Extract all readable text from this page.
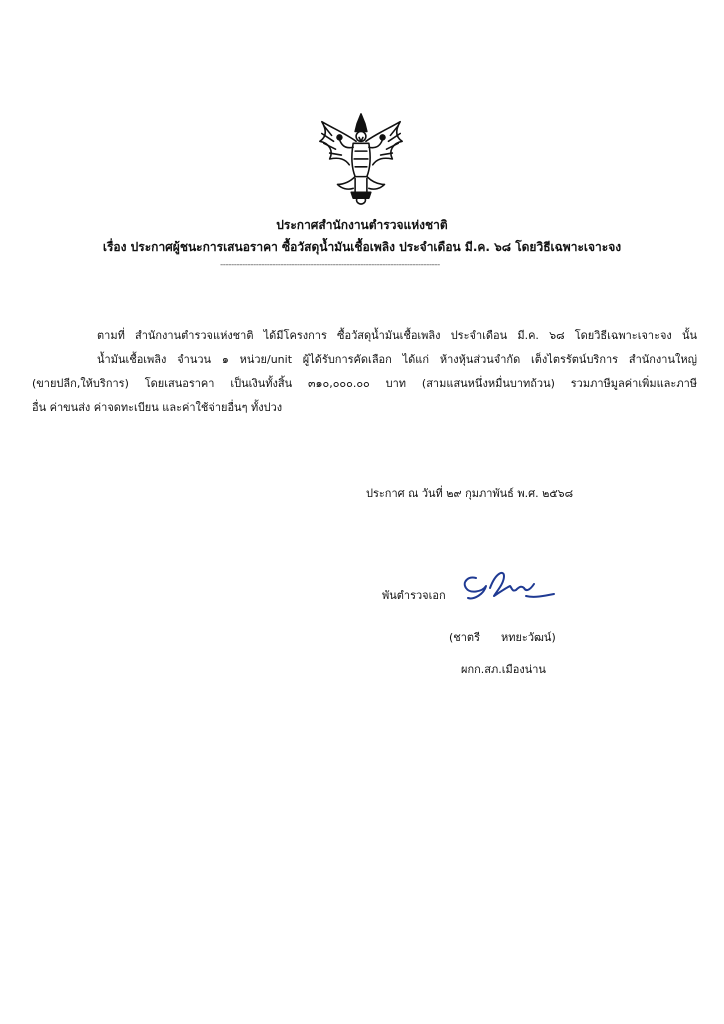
ประกาศสำนักงานตำรวจแห่งชาติ
เรื่อง ประกาศผู้ชนะการเสนอราคา ซื้อวัสดุน้ำมันเชื้อเพลิง ประจำเดือน มี.ค. ๖๘ โดยวิธีเฉพาะเจาะจง
--------------------------------------------------------------------------------
ตามที่ สำนักงานตำรวจแห่งชาติ ได้มีโครงการ ซื้อวัสดุน้ำมันเชื้อเพลิง ประจำเดือน มี.ค. ๖๘ โดยวิธีเฉพาะเจาะจง นั้น
น้ำมันเชื้อเพลิง จำนวน ๑ หน่วย/unit ผู้ได้รับการคัดเลือก ได้แก่ ห้างหุ้นส่วนจำกัด เต็งไตรรัตน์บริการ สำนักงานใหญ่
(ขายปลีก,ให้บริการ) โดยเสนอราคา เป็นเงินทั้งสิ้น ๓๑๐,๐๐๐.๐๐ บาท (สามแสนหนึ่งหมื่นบาทถ้วน) รวมภาษีมูลค่าเพิ่มและภาษี
อื่น ค่าขนส่ง ค่าจดทะเบียน และค่าใช้จ่ายอื่นๆ ทั้งปวง
ประกาศ ณ วันที่ ๒๙ กุมภาพันธ์ พ.ศ. ๒๕๖๘
พันตำรวจเอก
(ชาตรี      หทยะวัฒน์)
ผกก.สภ.เมืองน่าน
